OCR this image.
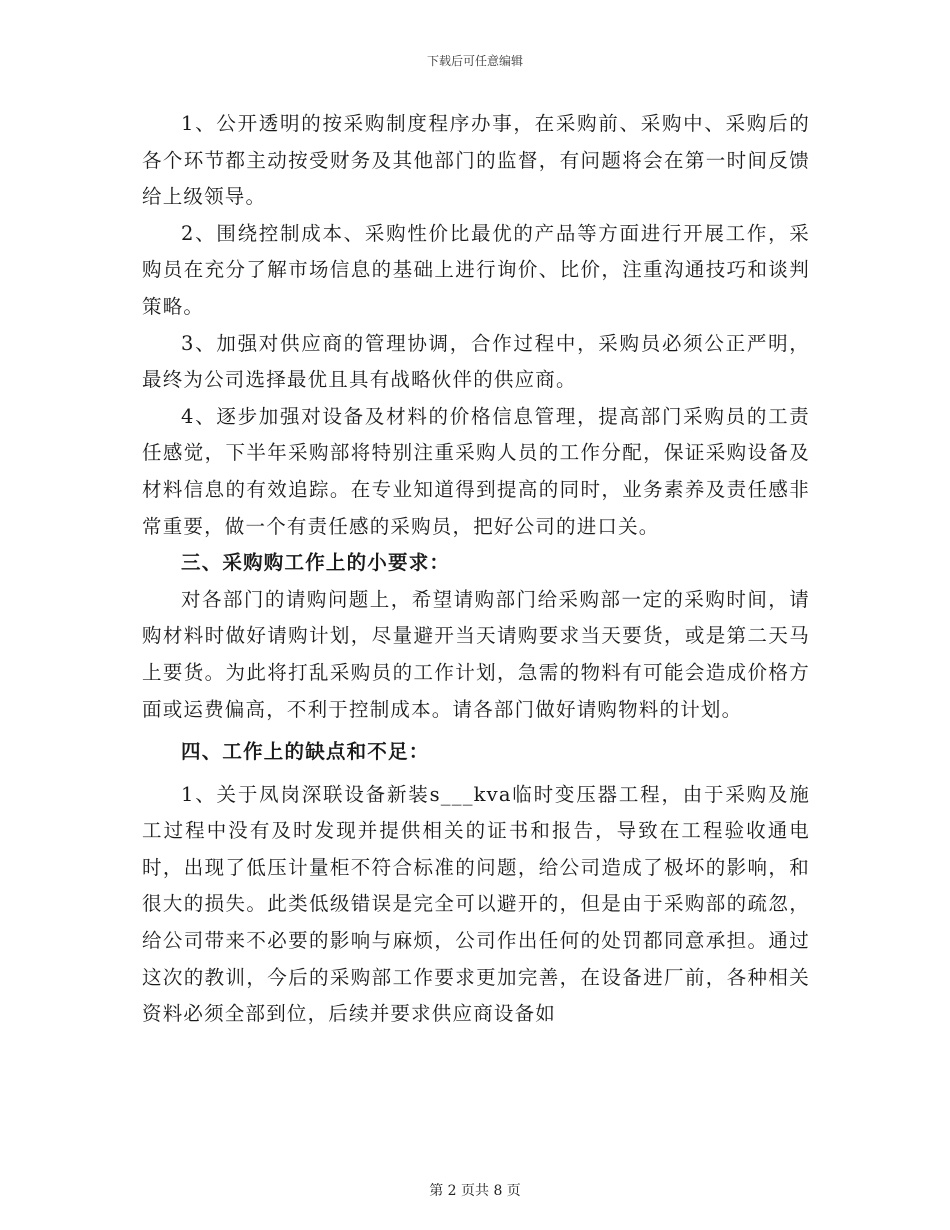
下载后可任意编辑

1、公开透明的按采购制度程序办事，在采购前、采购中、采购后的各个环节都主动按受财务及其他部门的监督，有问题将会在第一时间反馈给上级领导。

2、围绕控制成本、采购性价比最优的产品等方面进行开展工作，采购员在充分了解市场信息的基础上进行询价、比价，注重沟通技巧和谈判策略。

3、加强对供应商的管理协调，合作过程中，采购员必须公正严明，最终为公司选择最优且具有战略伙伴的供应商。

4、逐步加强对设备及材料的价格信息管理，提高部门采购员的工责任感觉，下半年采购部将特别注重采购人员的工作分配，保证采购设备及材料信息的有效追踪。在专业知道得到提高的同时，业务素养及责任感非常重要，做一个有责任感的采购员，把好公司的进口关。

三、采购购工作上的小要求：

对各部门的请购问题上，希望请购部门给采购部一定的采购时间，请购材料时做好请购计划，尽量避开当天请购要求当天要货，或是第二天马上要货。为此将打乱采购员的工作计划，急需的物料有可能会造成价格方面或运费偏高，不利于控制成本。请各部门做好请购物料的计划。

四、工作上的缺点和不足：

1、关于凤岗深联设备新装s___kva临时变压器工程，由于采购及施工过程中没有及时发现并提供相关的证书和报告，导致在工程验收通电时，出现了低压计量柜不符合标准的问题，给公司造成了极坏的影响，和很大的损失。此类低级错误是完全可以避开的，但是由于采购部的疏忽，给公司带来不必要的影响与麻烦，公司作出任何的处罚都同意承担。通过这次的教训，今后的采购部工作要求更加完善，在设备进厂前，各种相关资料必须全部到位，后续并要求供应商设备如

第 2 页共 8 页
